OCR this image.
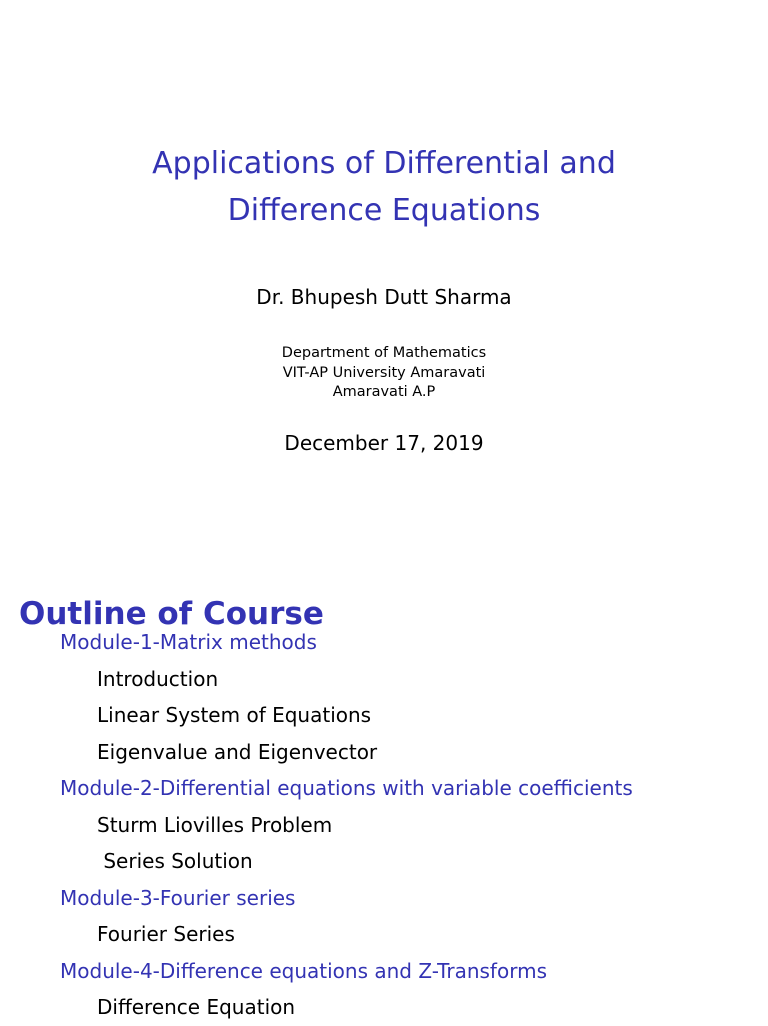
Applications of Differential and
Difference Equations
Dr. Bhupesh Dutt Sharma
Department of Mathematics
VIT-AP University Amaravati
Amaravati A.P
December 17, 2019
Outline of Course
Module-1-Matrix methods
Introduction
Linear System of Equations
Eigenvalue and Eigenvector
Module-2-Differential equations with variable coefficients
Sturm Liovilles Problem
Series Solution
Module-3-Fourier series
Fourier Series
Module-4-Difference equations and Z-Transforms
Difference Equation
